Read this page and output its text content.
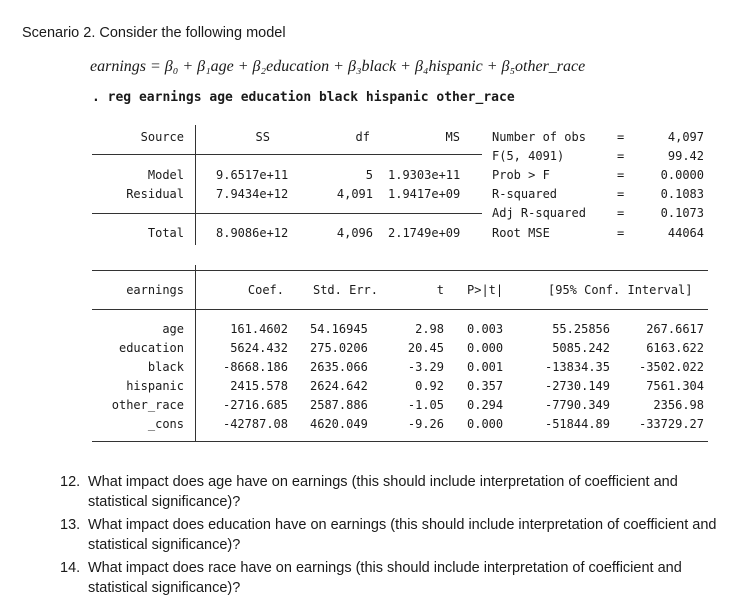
Scenario 2. Consider the following model
earnings = β₀ + β₁age + β₂education + β₃black + β₄hispanic + β₅other_race
. reg earnings age education black hispanic other_race
Source	SS	df	MS
Model	9.6517e+11	5 1.9303e+11
Residual	7.9434e+12	4,091 1.9417e+09
Total	8.9086e+12	4,096 2.1749e+09
Number of obs	=	4,097
F(5, 4091)	=	99.42
Prob > F	=	0.0000
R-squared	=	0.1083
Adj R-squared	=	0.1073
Root MSE	=	44064
earnings	Coef.	Std. Err.	t P>|t|	[95% Conf. Interval]
age	161.4602 54.16945	2.98 0.003	55.25856	267.6617
education	5624.432 275.0206	20.45 0.000	5085.242	6163.622
black	-8668.186 2635.066	-3.29 0.001	-13834.35	-3502.022
hispanic	2415.578 2624.642	0.92 0.357	-2730.149	7561.304
other_race	-2716.685 2587.886	-1.05 0.294	-7790.349	2356.98
_cons	-42787.08 4620.049	-9.26 0.000	-51844.89	-33729.27
12. What impact does age have on earnings (this should include interpretation of coefficient and statistical significance)?
13. What impact does education have on earnings (this should include interpretation of coefficient and statistical significance)?
14. What impact does race have on earnings (this should include interpretation of coefficient and statistical significance)?
